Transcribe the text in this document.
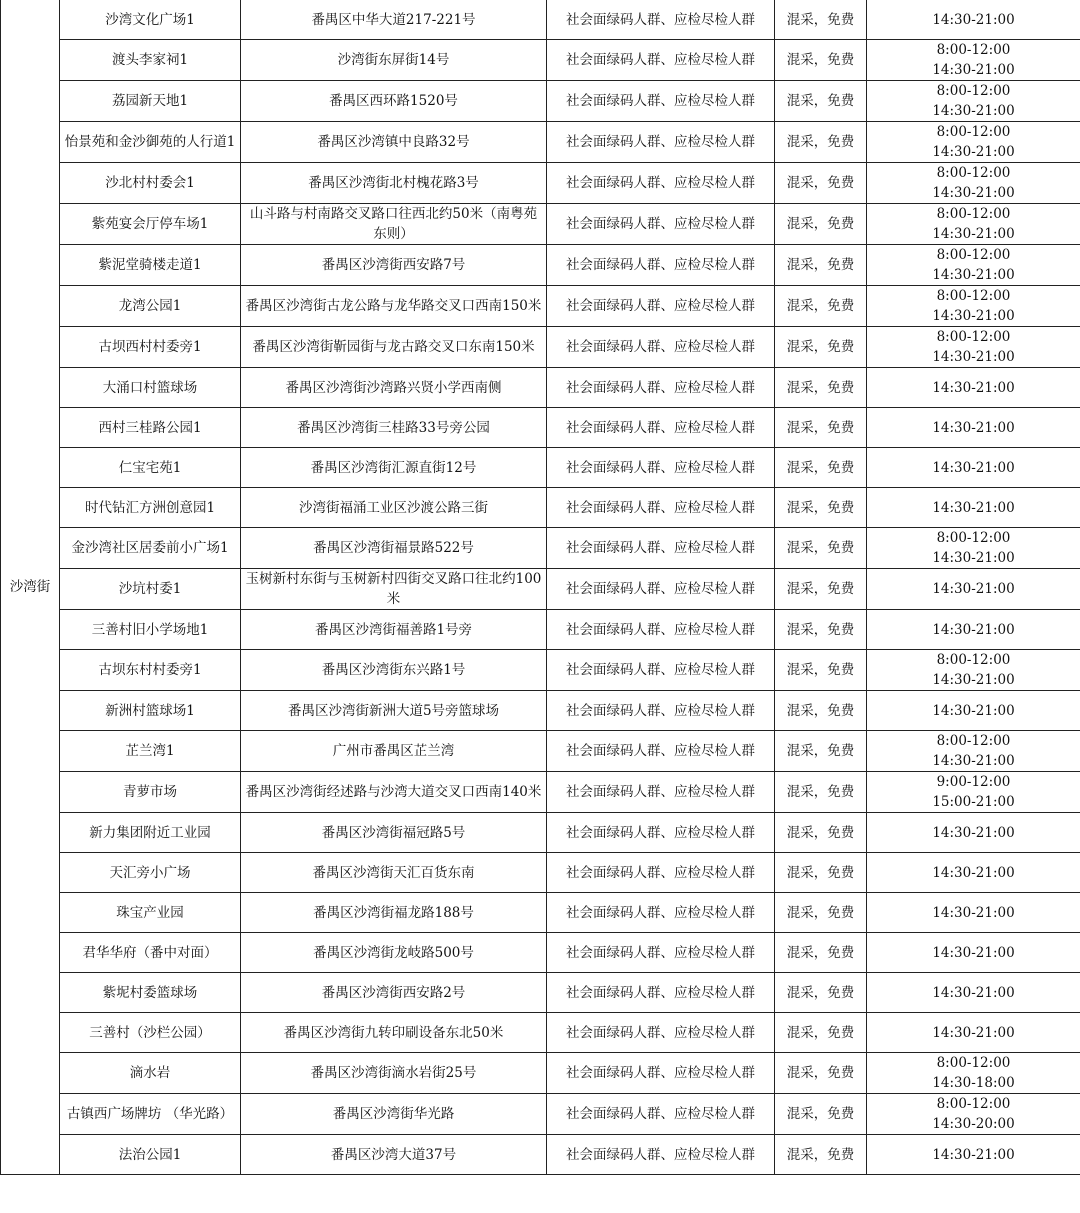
沙湾街	沙湾文化广场1	番禺区中华大道217-221号	社会面绿码人群、应检尽检人群	混采，免费	14:30-21:00

	渡头李家祠1	沙湾街东屏街14号	社会面绿码人群、应检尽检人群	混采，免费	8:00-12:00
14:30-21:00

	荔园新天地1	番禺区西环路1520号	社会面绿码人群、应检尽检人群	混采，免费	8:00-12:00
14:30-21:00

	怡景苑和金沙御苑的人行道1	番禺区沙湾镇中良路32号	社会面绿码人群、应检尽检人群	混采，免费	8:00-12:00
14:30-21:00

	沙北村村委会1	番禺区沙湾街北村槐花路3号	社会面绿码人群、应检尽检人群	混采，免费	8:00-12:00
14:30-21:00

	紫苑宴会厅停车场1	山斗路与村南路交叉路口往西北约50米（南粤苑东则）	社会面绿码人群、应检尽检人群	混采，免费	8:00-12:00
14:30-21:00

	紫泥堂骑楼走道1	番禺区沙湾街西安路7号	社会面绿码人群、应检尽检人群	混采，免费	8:00-12:00
14:30-21:00

	龙湾公园1	番禺区沙湾街古龙公路与龙华路交叉口西南150米	社会面绿码人群、应检尽检人群	混采，免费	8:00-12:00
14:30-21:00

	古坝西村村委旁1	番禺区沙湾街靳园街与龙古路交叉口东南150米	社会面绿码人群、应检尽检人群	混采，免费	8:00-12:00
14:30-21:00

	大涌口村篮球场	番禺区沙湾街沙湾路兴贤小学西南侧	社会面绿码人群、应检尽检人群	混采，免费	14:30-21:00

	西村三桂路公园1	番禺区沙湾街三桂路33号旁公园	社会面绿码人群、应检尽检人群	混采，免费	14:30-21:00

	仁宝宅苑1	番禺区沙湾街汇源直街12号	社会面绿码人群、应检尽检人群	混采，免费	14:30-21:00

	时代钻汇方洲创意园1	沙湾街福涌工业区沙渡公路三街	社会面绿码人群、应检尽检人群	混采，免费	14:30-21:00

	金沙湾社区居委前小广场1	番禺区沙湾街福景路522号	社会面绿码人群、应检尽检人群	混采，免费	8:00-12:00
14:30-21:00

	沙坑村委1	玉树新村东街与玉树新村四街交叉路口往北约100米	社会面绿码人群、应检尽检人群	混采，免费	14:30-21:00

	三善村旧小学场地1	番禺区沙湾街福善路1号旁	社会面绿码人群、应检尽检人群	混采，免费	14:30-21:00

	古坝东村村委旁1	番禺区沙湾街东兴路1号	社会面绿码人群、应检尽检人群	混采，免费	8:00-12:00
14:30-21:00

	新洲村篮球场1	番禺区沙湾街新洲大道5号旁篮球场	社会面绿码人群、应检尽检人群	混采，免费	14:30-21:00

	芷兰湾1	广州市番禺区芷兰湾	社会面绿码人群、应检尽检人群	混采，免费	8:00-12:00
14:30-21:00

	青萝市场	番禺区沙湾街经述路与沙湾大道交叉口西南140米	社会面绿码人群、应检尽检人群	混采，免费	9:00-12:00
15:00-21:00

	新力集团附近工业园	番禺区沙湾街福冠路5号	社会面绿码人群、应检尽检人群	混采，免费	14:30-21:00

	天汇旁小广场	番禺区沙湾街天汇百货东南	社会面绿码人群、应检尽检人群	混采，免费	14:30-21:00

	珠宝产业园	番禺区沙湾街福龙路188号	社会面绿码人群、应检尽检人群	混采，免费	14:30-21:00

	君华华府（番中对面）	番禺区沙湾街龙岐路500号	社会面绿码人群、应检尽检人群	混采，免费	14:30-21:00

	紫坭村委篮球场	番禺区沙湾街西安路2号	社会面绿码人群、应检尽检人群	混采，免费	14:30-21:00

	三善村（沙栏公园）	番禺区沙湾街九转印刷设备东北50米	社会面绿码人群、应检尽检人群	混采，免费	14:30-21:00

	滴水岩	番禺区沙湾街滴水岩街25号	社会面绿码人群、应检尽检人群	混采，免费	8:00-12:00
14:30-18:00

	古镇西广场牌坊 （华光路）	番禺区沙湾街华光路	社会面绿码人群、应检尽检人群	混采，免费	8:00-12:00
14:30-20:00

	法治公园1	番禺区沙湾大道37号	社会面绿码人群、应检尽检人群	混采，免费	14:30-21:00
